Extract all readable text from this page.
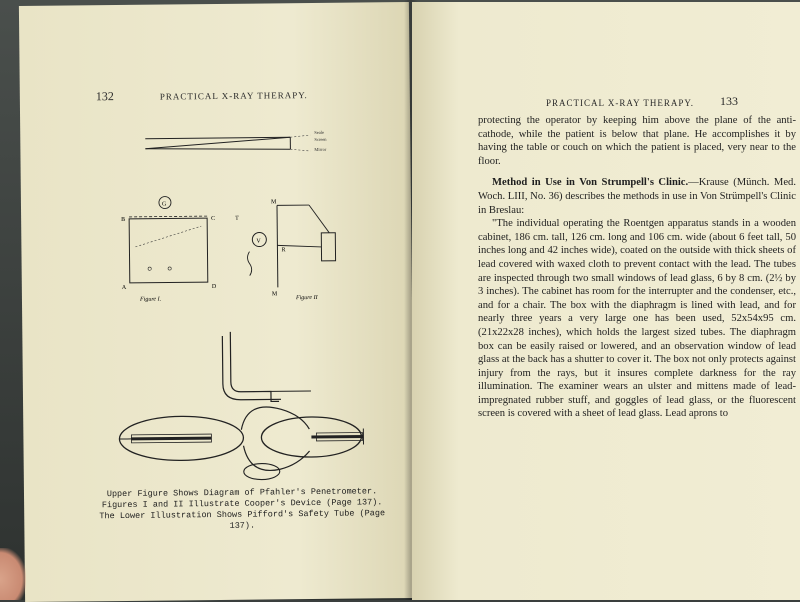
132	PRACTICAL X-RAY THERAPY.
Seale
Screen
Mirror
G
B	C
A	D
Figure I.
V
M
T
R
M
Figure II
Upper Figure Shows Diagram of Pfahler's Penetrometer. Figures I and II Illustrate Cooper's Device (Page 137). The Lower Illustration Shows Pifford's Safety Tube (Page 137).
PRACTICAL X-RAY THERAPY. 133

protecting the operator by keeping him above the plane of the anti-cathode, while the patient is below that plane. He accomplishes it by having the table or couch on which the patient is placed, very near to the floor.

Method in Use in Von Strumpell's Clinic.—Krause (Münch. Med. Woch. LIII, No. 36) describes the methods in use in Von Strümpell's Clinic in Breslau:

"The individual operating the Roentgen apparatus stands in a wooden cabinet, 186 cm. tall, 126 cm. long and 106 cm. wide (about 6 feet tall, 50 inches long and 42 inches wide), coated on the outside with thick sheets of lead covered with waxed cloth to prevent contact with the lead. The tubes are inspected through two small windows of lead glass, 6 by 8 cm. (2½ by 3 inches). The cabinet has room for the interrupter and the condenser, etc., and for a chair. The box with the diaphragm is lined with lead, and for nearly three years a very large one has been used, 52x54x95 cm. (21x22x28 inches), which holds the largest sized tubes. The diaphragm box can be easily raised or lowered, and an observation window of lead glass at the back has a shutter to cover it. The box not only protects against injury from the rays, but it insures complete darkness for the ray illumination. The examiner wears an ulster and mittens made of lead-impregnated rubber stuff, and goggles of lead glass, or the fluorescent screen is covered with a sheet of lead glass. Lead aprons to
